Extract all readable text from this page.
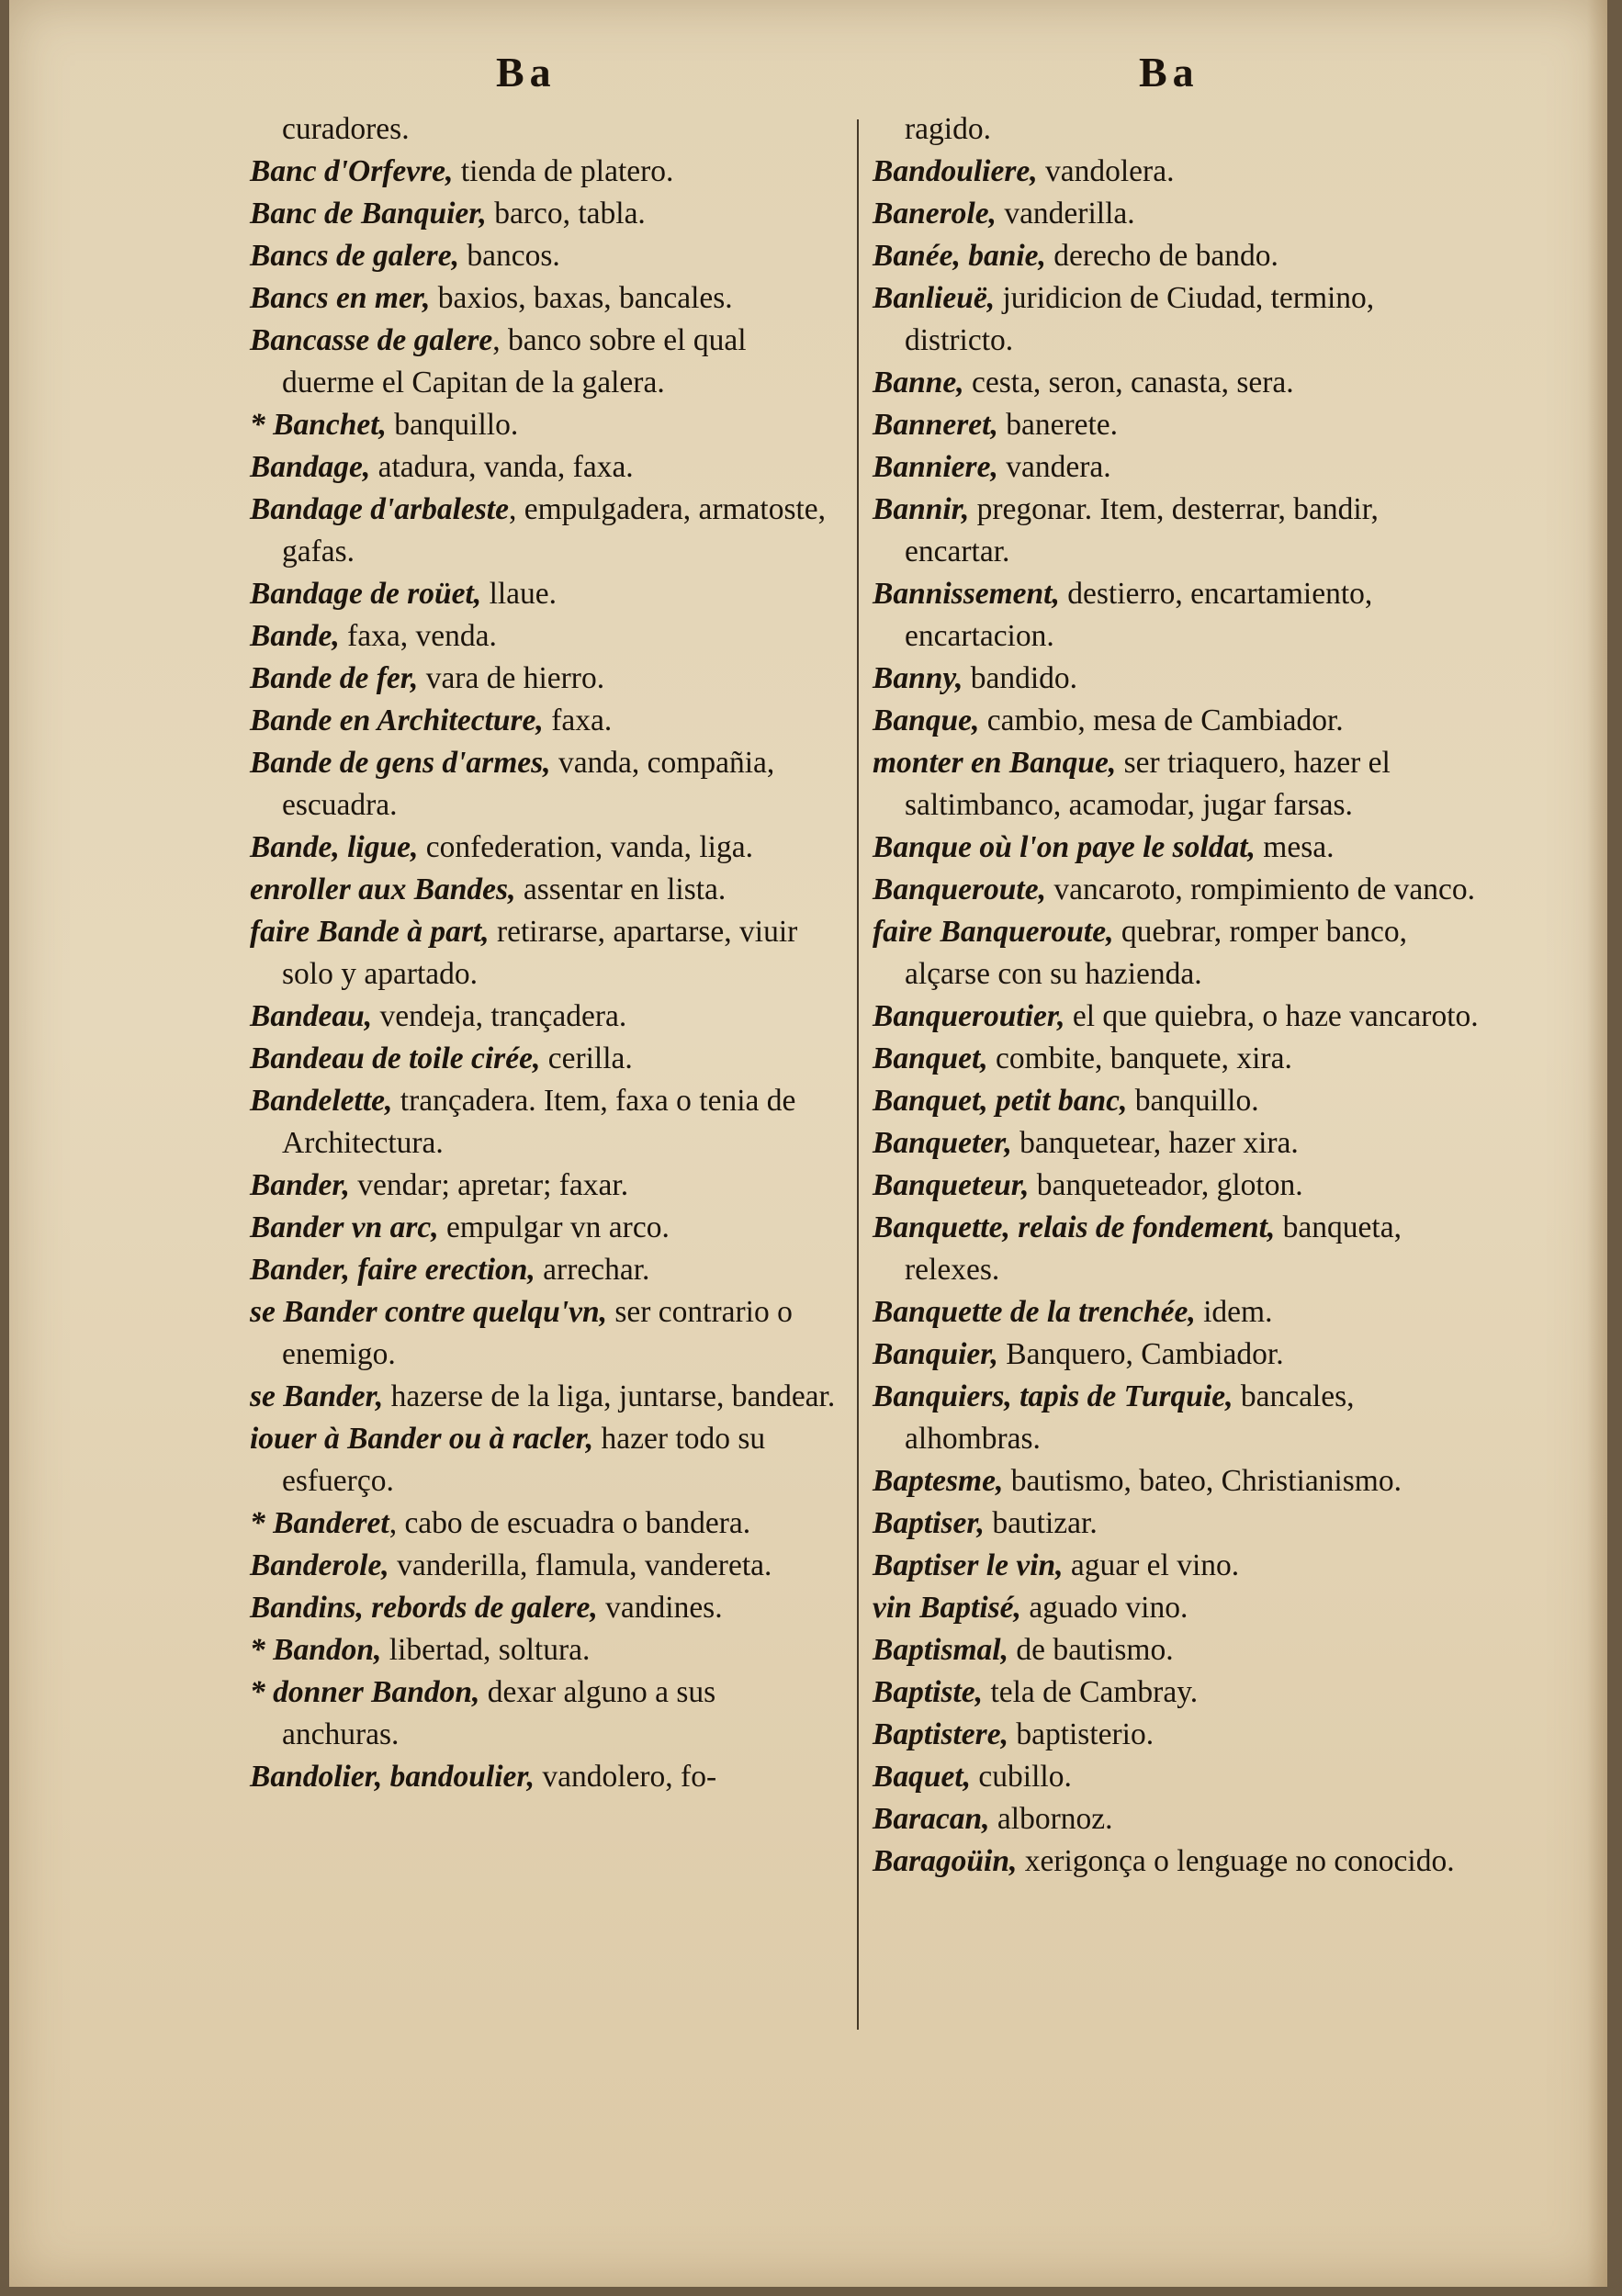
Ba	Ba

curadores.

Banc d'Orfevre, tienda de platero.

Banc de Banquier, barco, tabla.

Bancs de galere, bancos.

Bancs en mer, baxios, baxas, bancales.

Bancasse de galere, banco sobre el qual duerme el Capitan de la galera.

* Banchet, banquillo.

Bandage, atadura, vanda, faxa.

Bandage d'arbaleste, empulgadera, armatoste, gafas.

Bandage de roüet, llaue.

Bande, faxa, venda.

Bande de fer, vara de hierro.

Bande en Architecture, faxa.

Bande de gens d'armes, vanda, compañia, escuadra.

Bande, ligue, confederation, vanda, liga.

enroller aux Bandes, assentar en lista.

faire Bande à part, retirarse, apartarse, viuir solo y apartado.

Bandeau, vendeja, trançadera.

Bandeau de toile cirée, cerilla.

Bandelette, trançadera. Item, faxa o tenia de Architectura.

Bander, vendar; apretar; faxar.

Bander vn arc, empulgar vn arco.

Bander, faire erection, arrechar.

se Bander contre quelqu'vn, ser contrario o enemigo.

se Bander, hazerse de la liga, juntarse, bandear.

iouer à Bander ou à racler, hazer todo su esfuerço.

* Banderet, cabo de escuadra o bandera.

Banderole, vanderilla, flamula, vandereta.

Bandins, rebords de galere, vandines.

* Bandon, libertad, soltura.

* donner Bandon, dexar alguno a sus anchuras.

Bandolier, bandoulier, vandolero, fo-

ragido.

Bandouliere, vandolera.

Banerole, vanderilla.

Banée, banie, derecho de bando.

Banlieuë, juridicion de Ciudad, termino, districto.

Banne, cesta, seron, canasta, sera.

Banneret, banerete.

Banniere, vandera.

Bannir, pregonar. Item, desterrar, bandir, encartar.

Bannissement, destierro, encartamiento, encartacion.

Banny, bandido.

Banque, cambio, mesa de Cambiador.

monter en Banque, ser triaquero, hazer el saltimbanco, acamodar, jugar farsas.

Banque où l'on paye le soldat, mesa.

Banqueroute, vancaroto, rompimiento de vanco.

faire Banqueroute, quebrar, romper banco, alçarse con su hazienda.

Banqueroutier, el que quiebra, o haze vancaroto.

Banquet, combite, banquete, xira.

Banquet, petit banc, banquillo.

Banqueter, banquetear, hazer xira.

Banqueteur, banqueteador, gloton.

Banquette, relais de fondement, banqueta, relexes.

Banquette de la trenchée, idem.

Banquier, Banquero, Cambiador.

Banquiers, tapis de Turquie, bancales, alhombras.

Baptesme, bautismo, bateo, Christianismo.

Baptiser, bautizar.

Baptiser le vin, aguar el vino.

vin Baptisé, aguado vino.

Baptismal, de bautismo.

Baptiste, tela de Cambray.

Baptistere, baptisterio.

Baquet, cubillo.

Baracan, albornoz.

Baragoüin, xerigonça o lenguage no conocido.
